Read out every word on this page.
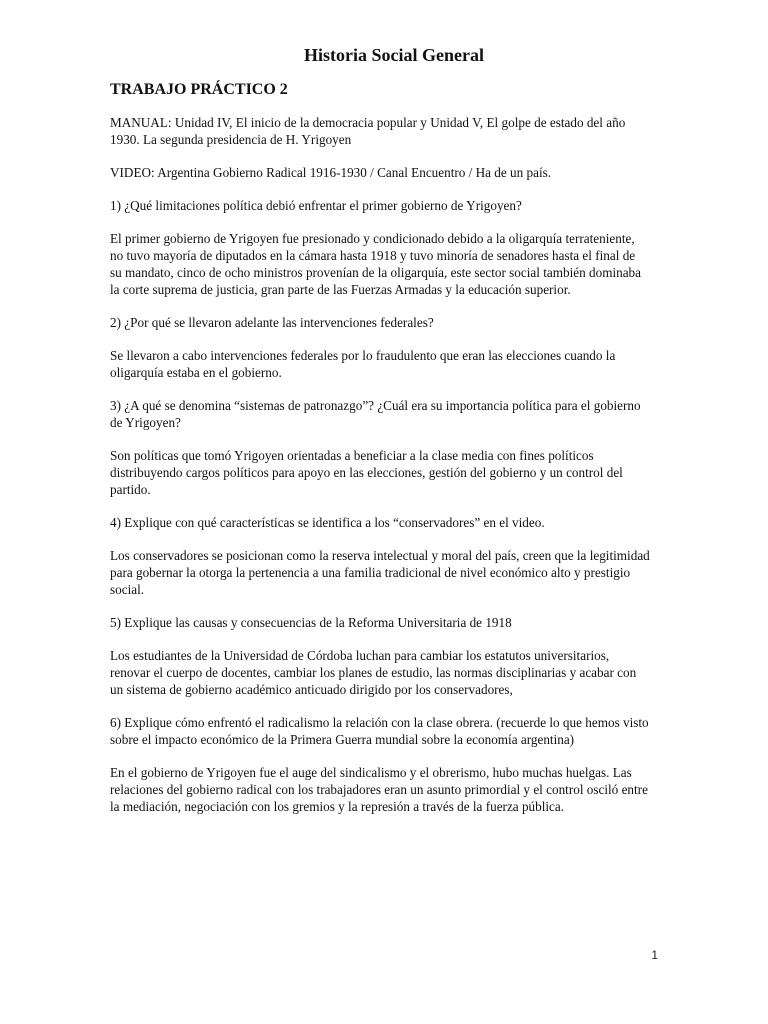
Historia Social General
TRABAJO PRÁCTICO 2

MANUAL: Unidad IV, El inicio de la democracia popular y Unidad V, El golpe de estado del año 1930. La segunda presidencia de H. Yrigoyen

VIDEO: Argentina Gobierno Radical 1916-1930 / Canal Encuentro / Ha de un país.

1) ¿Qué limitaciones política debió enfrentar el primer gobierno de Yrigoyen?

El primer gobierno de Yrigoyen fue presionado y condicionado debido a la oligarquía terrateniente, no tuvo mayoría de diputados en la cámara hasta 1918 y tuvo minoría de senadores hasta el final de su mandato, cinco de ocho ministros provenían de la oligarquía, este sector social también dominaba la corte suprema de justicia, gran parte de las Fuerzas Armadas y la educación superior.

2) ¿Por qué se llevaron adelante las intervenciones federales?

Se llevaron a cabo intervenciones federales por lo fraudulento que eran las elecciones cuando la oligarquía estaba en el gobierno.

3) ¿A qué se denomina “sistemas de patronazgo”? ¿Cuál era su importancia política para el gobierno de Yrigoyen?

Son políticas que tomó Yrigoyen orientadas a beneficiar a la clase media con fines políticos distribuyendo cargos políticos para apoyo en las elecciones, gestión del gobierno y un control del partido.

4) Explique con qué características se identifica a los “conservadores” en el video.

Los conservadores se posicionan como la reserva intelectual y moral del país, creen que la legitimidad para gobernar la otorga la pertenencia a una familia tradicional de nivel económico alto y prestigio social.

5) Explique las causas y consecuencias de la Reforma Universitaria de 1918

Los estudiantes de la Universidad de Córdoba luchan para cambiar los estatutos universitarios, renovar el cuerpo de docentes, cambiar los planes de estudio, las normas disciplinarias y acabar con un sistema de gobierno académico anticuado dirigido por los conservadores,

6) Explique cómo enfrentó el radicalismo la relación con la clase obrera. (recuerde lo que hemos visto sobre el impacto económico de la Primera Guerra mundial sobre la economía argentina)

En el gobierno de Yrigoyen fue el auge del sindicalismo y el obrerismo, hubo muchas huelgas. Las relaciones del gobierno radical con los trabajadores eran un asunto primordial y el control osciló entre la mediación, negociación con los gremios y la represión a través de la fuerza pública.

1
